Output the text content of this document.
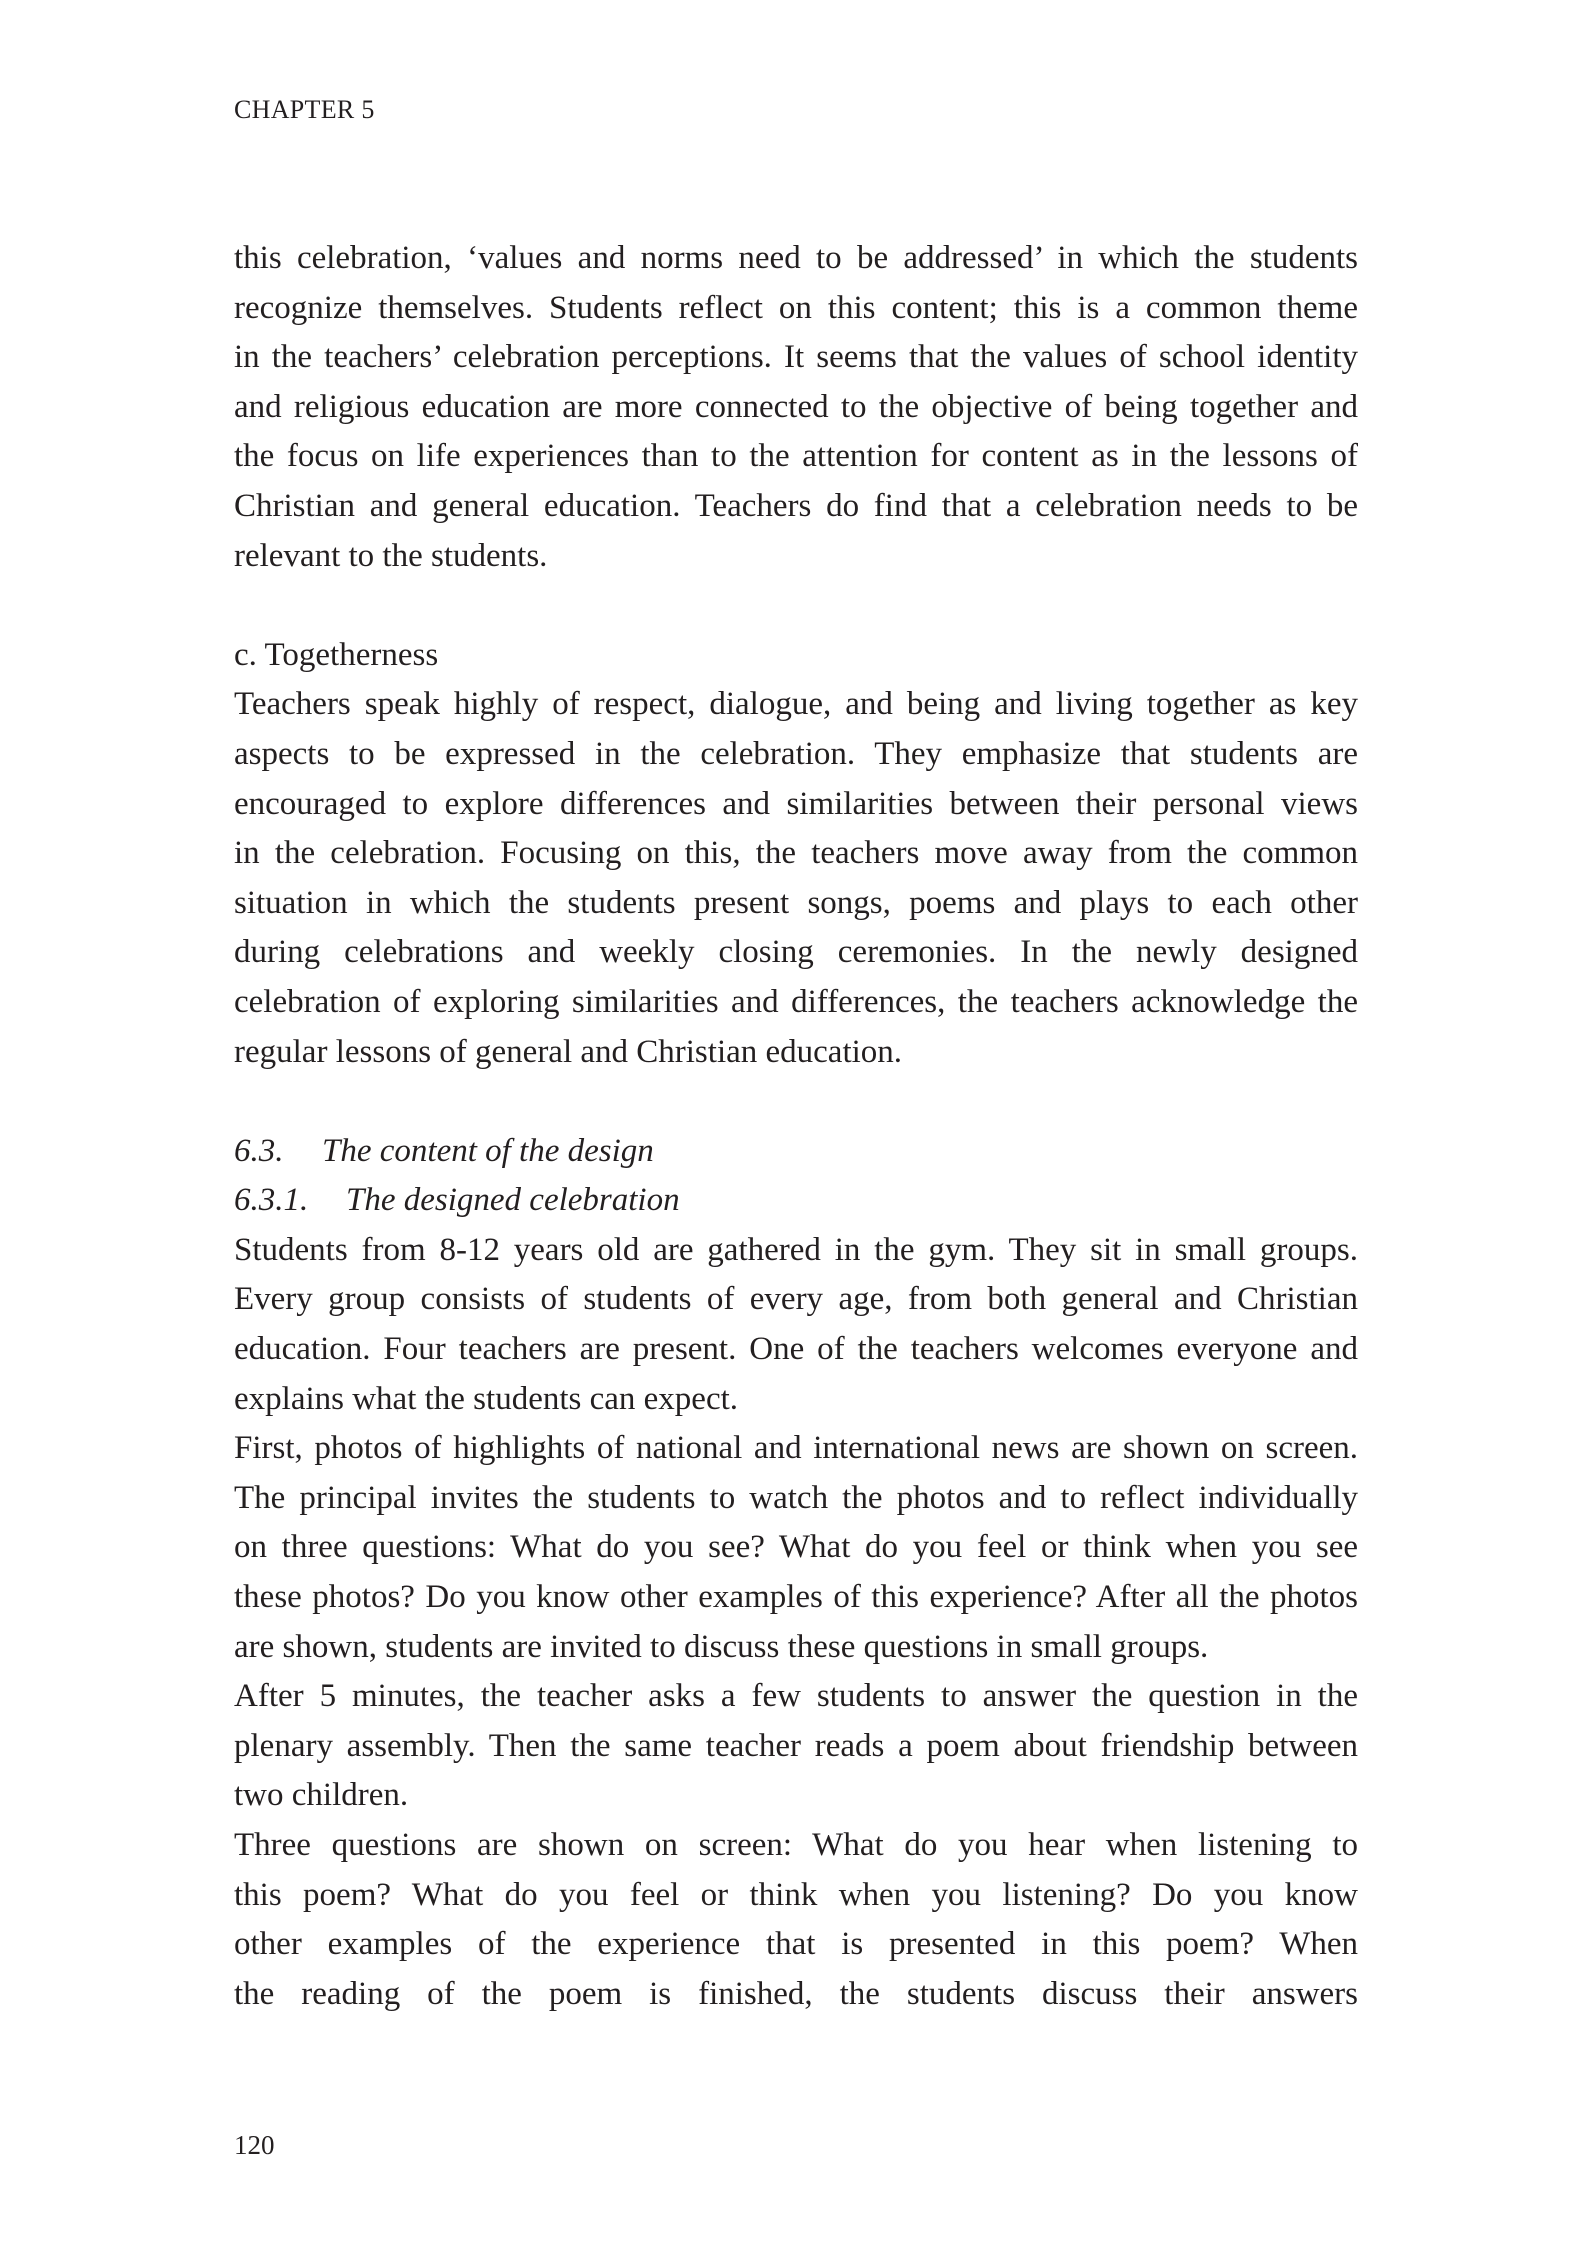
CHAPTER 5
this celebration, ‘values and norms need to be addressed’ in which the students
recognize themselves. Students reflect on this content; this is a common theme
in the teachers’ celebration perceptions. It seems that the values of school identity
and religious education are more connected to the objective of being together and
the focus on life experiences than to the attention for content as in the lessons of
Christian and general education. Teachers do find that a celebration needs to be
relevant to the students.
c. Togetherness
Teachers speak highly of respect, dialogue, and being and living together as key
aspects to be expressed in the celebration. They emphasize that students are
encouraged to explore differences and similarities between their personal views
in the celebration. Focusing on this, the teachers move away from the common
situation in which the students present songs, poems and plays to each other
during celebrations and weekly closing ceremonies. In the newly designed
celebration of exploring similarities and differences, the teachers acknowledge the
regular lessons of general and Christian education.
6.3. The content of the design
6.3.1. The designed celebration
Students from 8-12 years old are gathered in the gym. They sit in small groups.
Every group consists of students of every age, from both general and Christian
education. Four teachers are present. One of the teachers welcomes everyone and
explains what the students can expect.
First, photos of highlights of national and international news are shown on screen.
The principal invites the students to watch the photos and to reflect individually
on three questions: What do you see? What do you feel or think when you see
these photos? Do you know other examples of this experience? After all the photos
are shown, students are invited to discuss these questions in small groups.
After 5 minutes, the teacher asks a few students to answer the question in the
plenary assembly. Then the same teacher reads a poem about friendship between
two children.
Three questions are shown on screen: What do you hear when listening to
this poem? What do you feel or think when you listening? Do you know
other examples of the experience that is presented in this poem? When
the reading of the poem is finished, the students discuss their answers
120
